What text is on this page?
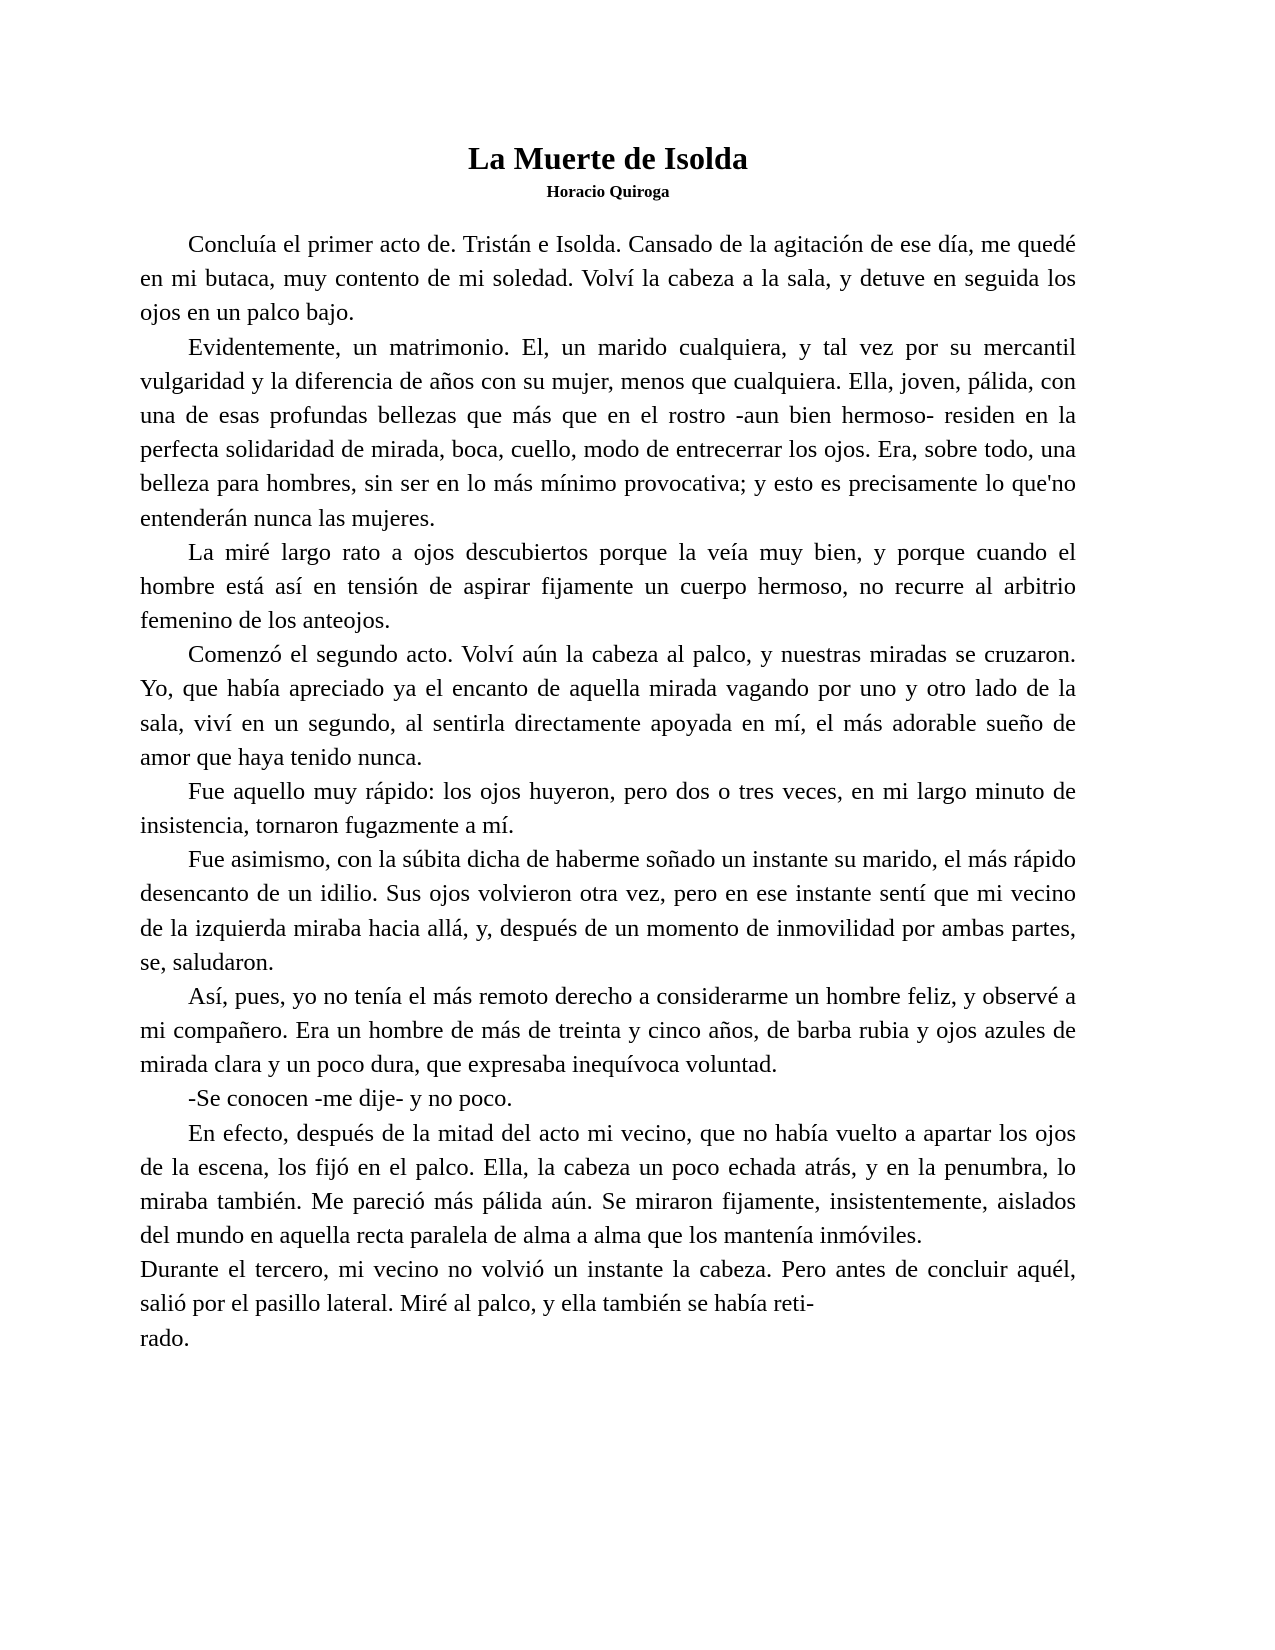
La Muerte de Isolda
Horacio Quiroga

Concluía el primer acto de. Tristán e Isolda. Cansado de la agitación de ese día, me quedé en mi butaca, muy contento de mi soledad. Volví la cabeza a la sala, y detuve en seguida los ojos en un palco bajo.

Evidentemente, un matrimonio. El, un marido cualquiera, y tal vez por su mercantil vulgaridad y la diferencia de años con su mujer, menos que cualquiera. Ella, joven, pálida, con una de esas profundas bellezas que más que en el rostro -aun bien hermoso- residen en la perfecta solidaridad de mirada, boca, cuello, modo de entrecerrar los ojos. Era, sobre todo, una belleza para hombres, sin ser en lo más mínimo provocativa; y esto es precisamente lo que'no entenderán nunca las mujeres.

La miré largo rato a ojos descubiertos porque la veía muy bien, y porque cuando el hombre está así en tensión de aspirar fijamente un cuerpo hermoso, no recurre al arbitrio femenino de los anteojos.

Comenzó el segundo acto. Volví aún la cabeza al palco, y nuestras miradas se cruzaron. Yo, que había apreciado ya el encanto de aquella mirada vagando por uno y otro lado de la sala, viví en un segundo, al sentirla directamente apoyada en mí, el más adorable sueño de amor que haya tenido nunca.

Fue aquello muy rápido: los ojos huyeron, pero dos o tres veces, en mi largo minuto de insistencia, tornaron fugazmente a mí.

Fue asimismo, con la súbita dicha de haberme soñado un instante su marido, el más rápido desencanto de un idilio. Sus ojos volvieron otra vez, pero en ese instante sentí que mi vecino de la izquierda miraba hacia allá, y, después de un momento de inmovilidad por ambas partes, se, saludaron.

Así, pues, yo no tenía el más remoto derecho a considerarme un hombre feliz, y observé a mi compañero. Era un hombre de más de treinta y cinco años, de barba rubia y ojos azules de mirada clara y un poco dura, que expresaba inequívoca voluntad.

-Se conocen -me dije- y no poco.

En efecto, después de la mitad del acto mi vecino, que no había vuelto a apartar los ojos de la escena, los fijó en el palco. Ella, la cabeza un poco echada atrás, y en la penumbra, lo miraba también. Me pareció más pálida aún. Se miraron fijamente, insistentemente, aislados del mundo en aquella recta paralela de alma a alma que los mantenía inmóviles.

Durante el tercero, mi vecino no volvió un instante la cabeza. Pero antes de concluir aquél, salió por el pasillo lateral. Miré al palco, y ella también se había reti-

rado.
